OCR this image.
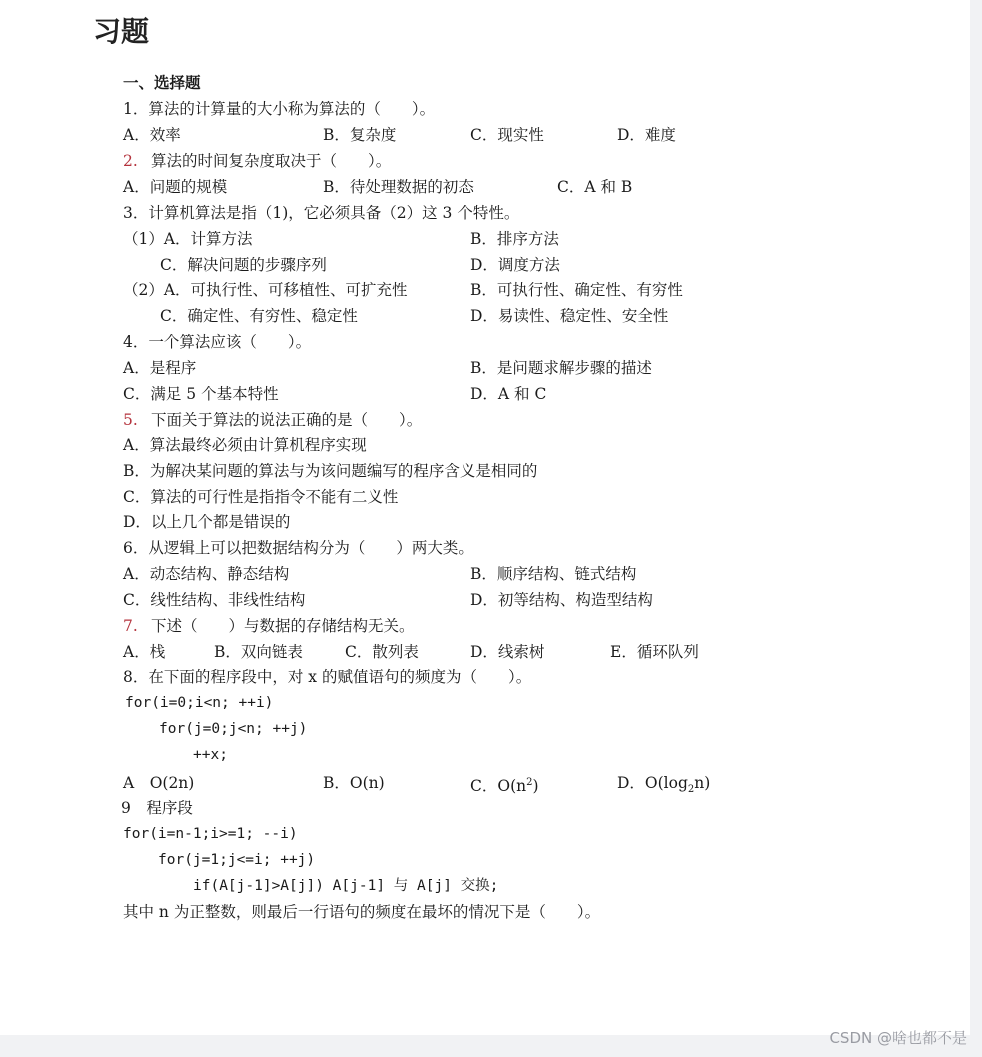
习题
一、选择题
1．算法的计算量的大小称为算法的（　　）。
A．效率	B．复杂度	C．现实性	D．难度
2. 算法的时间复杂度取决于（　　）。
A．问题的规模	B．待处理数据的初态	C．A 和 B
3．计算机算法是指（1)，它必须具备（2）这 3 个特性。
（1）A．计算方法	B．排序方法
C．解决问题的步骤序列	D．调度方法
（2）A．可执行性、可移植性、可扩充性	B．可执行性、确定性、有穷性
C．确定性、有穷性、稳定性	D．易读性、稳定性、安全性
4．一个算法应该（　　）。
A．是程序	B．是问题求解步骤的描述
C．满足 5 个基本特性	D．A 和 C
5. 下面关于算法的说法正确的是（　　）。
A．算法最终必须由计算机程序实现
B．为解决某问题的算法与为该问题编写的程序含义是相同的
C．算法的可行性是指指令不能有二义性
D．以上几个都是错误的
6．从逻辑上可以把数据结构分为（　　）两大类。
A．动态结构、静态结构	B．顺序结构、链式结构
C．线性结构、非线性结构	D．初等结构、构造型结构
7. 下述（　　）与数据的存储结构无关。
A．栈	B．双向链表	C．散列表	D．线索树	E．循环队列
8．在下面的程序段中，对 x 的赋值语句的频度为（　　）。
for(i=0;i<n; ++i)
for(j=0;j<n; ++j)
++x;
A　O(2n)	B．O(n)	C．$O(n^2)$	D．$O(\log_2n)$
9　程序段
for(i=n-1;i>=1; --i)
for(j=1;j<=i; ++j)
if(A[j-1]>A[j]) A[j-1] 与 A[j] 交换;
其中 n 为正整数，则最后一行语句的频度在最坏的情况下是（　　）。
CSDN @啥也都不是
